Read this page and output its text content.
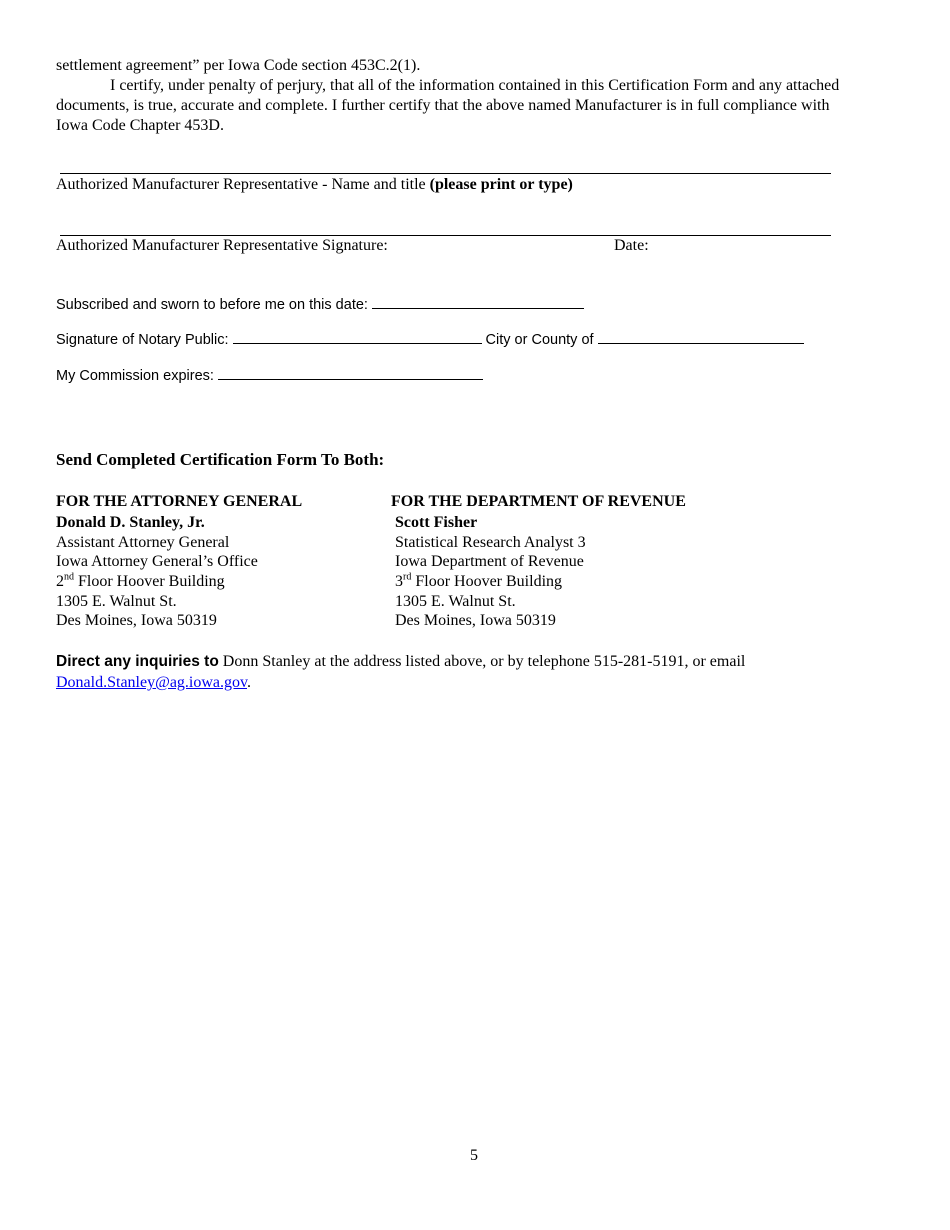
settlement agreement” per Iowa Code section 453C.2(1).
I certify, under penalty of perjury, that all of the information contained in this Certification Form and any attached
documents, is true, accurate and complete. I further certify that the above named Manufacturer is in full compliance with
Iowa Code Chapter 453D.
Authorized Manufacturer Representative - Name and title (please print or type)
Authorized Manufacturer Representative Signature:	Date:
Subscribed and sworn to before me on this date:
Signature of Notary Public:	City or County of
My Commission expires:
Send Completed Certification Form To Both:
FOR THE ATTORNEY GENERAL
Donald D. Stanley, Jr.
Assistant Attorney General
Iowa Attorney General’s Office
2nd Floor Hoover Building
1305 E. Walnut St.
Des Moines, Iowa 50319
FOR THE DEPARTMENT OF REVENUE
Scott Fisher
Statistical Research Analyst 3
Iowa Department of Revenue
3rd Floor Hoover Building
1305 E. Walnut St.
Des Moines, Iowa 50319
Direct any inquiries to Donn Stanley at the address listed above, or by telephone 515-281-5191, or email
Donald.Stanley@ag.iowa.gov.
5
